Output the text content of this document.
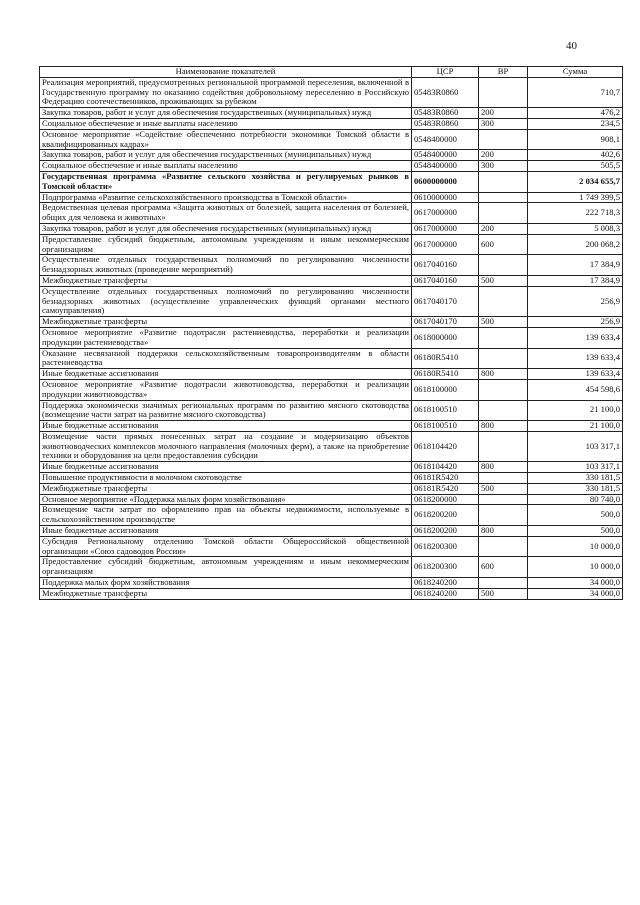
40
Наименование показателей	ЦСР	ВР	Сумма
Реализация мероприятий, предусмотренных региональной программой переселения, включенной в Государственную программу по оказанию содействия добровольному переселению в Российскую Федерацию соотечественников, проживающих за рубежом	05483R0860		710,7
Закупка товаров, работ и услуг для обеспечения государственных (муниципальных) нужд	05483R0860	200	476,2
Социальное обеспечение и иные выплаты населению	05483R0860	300	234,5
Основное мероприятие «Содействие обеспечению потребности экономики Томской области в квалифицированных кадрах»	0548400000		908,1
Закупка товаров, работ и услуг для обеспечения государственных (муниципальных) нужд	0548400000	200	402,6
Социальное обеспечение и иные выплаты населению	0548400000	300	505,5
Государственная программа «Развитие сельского хозяйства и регулируемых рынков в Томской области»	0600000000		2 034 655,7
Подпрограмма «Развитие сельскохозяйственного производства в Томской области»	0610000000		1 749 399,5
Ведомственная целевая программа «Защита животных от болезней, защита населения от болезней, общих для человека и животных»	0617000000		222 718,3
Закупка товаров, работ и услуг для обеспечения государственных (муниципальных) нужд	0617000000	200	5 008,3
Предоставление субсидий бюджетным, автономным учреждениям и иным некоммерческим организациям	0617000000	600	200 068,2
Осуществление отдельных государственных полномочий по регулированию численности безнадзорных животных (проведение мероприятий)	0617040160		17 384,9
Межбюджетные трансферты	0617040160	500	17 384,9
Осуществление отдельных государственных полномочий по регулированию численности безнадзорных животных (осуществление управленческих функций органами местного самоуправления)	0617040170		256,9
Межбюджетные трансферты	0617040170	500	256,9
Основное мероприятие «Развитие подотрасли растениеводства, переработки и реализации продукции растениеводства»	0618000000		139 633,4
Оказание несвязанной поддержки сельскохозяйственным товаропроизводителям в области растениеводства	06180R5410		139 633,4
Иные бюджетные ассигнования	06180R5410	800	139 633,4
Основное мероприятие «Развитие подотрасли животноводства, переработки и реализации продукции животноводства»	0618100000		454 598,6
Поддержка экономически значимых региональных программ по развитию мясного скотоводства (возмещение части затрат на развитие мясного скотоводства)	0618100510		21 100,0
Иные бюджетные ассигнования	0618100510	800	21 100,0
Возмещение части прямых понесенных затрат на создание и модернизацию объектов животноводческих комплексов молочного направления (молочных ферм), а также на приобретение техники и оборудования на цели предоставления субсидии	0618104420		103 317,1
Иные бюджетные ассигнования	0618104420	800	103 317,1
Повышение продуктивности в молочном скотоводстве	06181R5420		330 181,5
Межбюджетные трансферты	06181R5420	500	330 181,5
Основное мероприятие «Поддержка малых форм хозяйствования»	0618200000		80 740,0
Возмещение части затрат по оформлению прав на объекты недвижимости, используемые в сельскохозяйственном производстве	0618200200		500,0
Иные бюджетные ассигнования	0618200200	800	500,0
Субсидия Региональному отделению Томской области Общероссийской общественной организации «Союз садоводов России»	0618200300		10 000,0
Предоставление субсидий бюджетным, автономным учреждениям и иным некоммерческим организациям	0618200300	600	10 000,0
Поддержка малых форм хозяйствования	0618240200		34 000,0
Межбюджетные трансферты	0618240200	500	34 000,0
